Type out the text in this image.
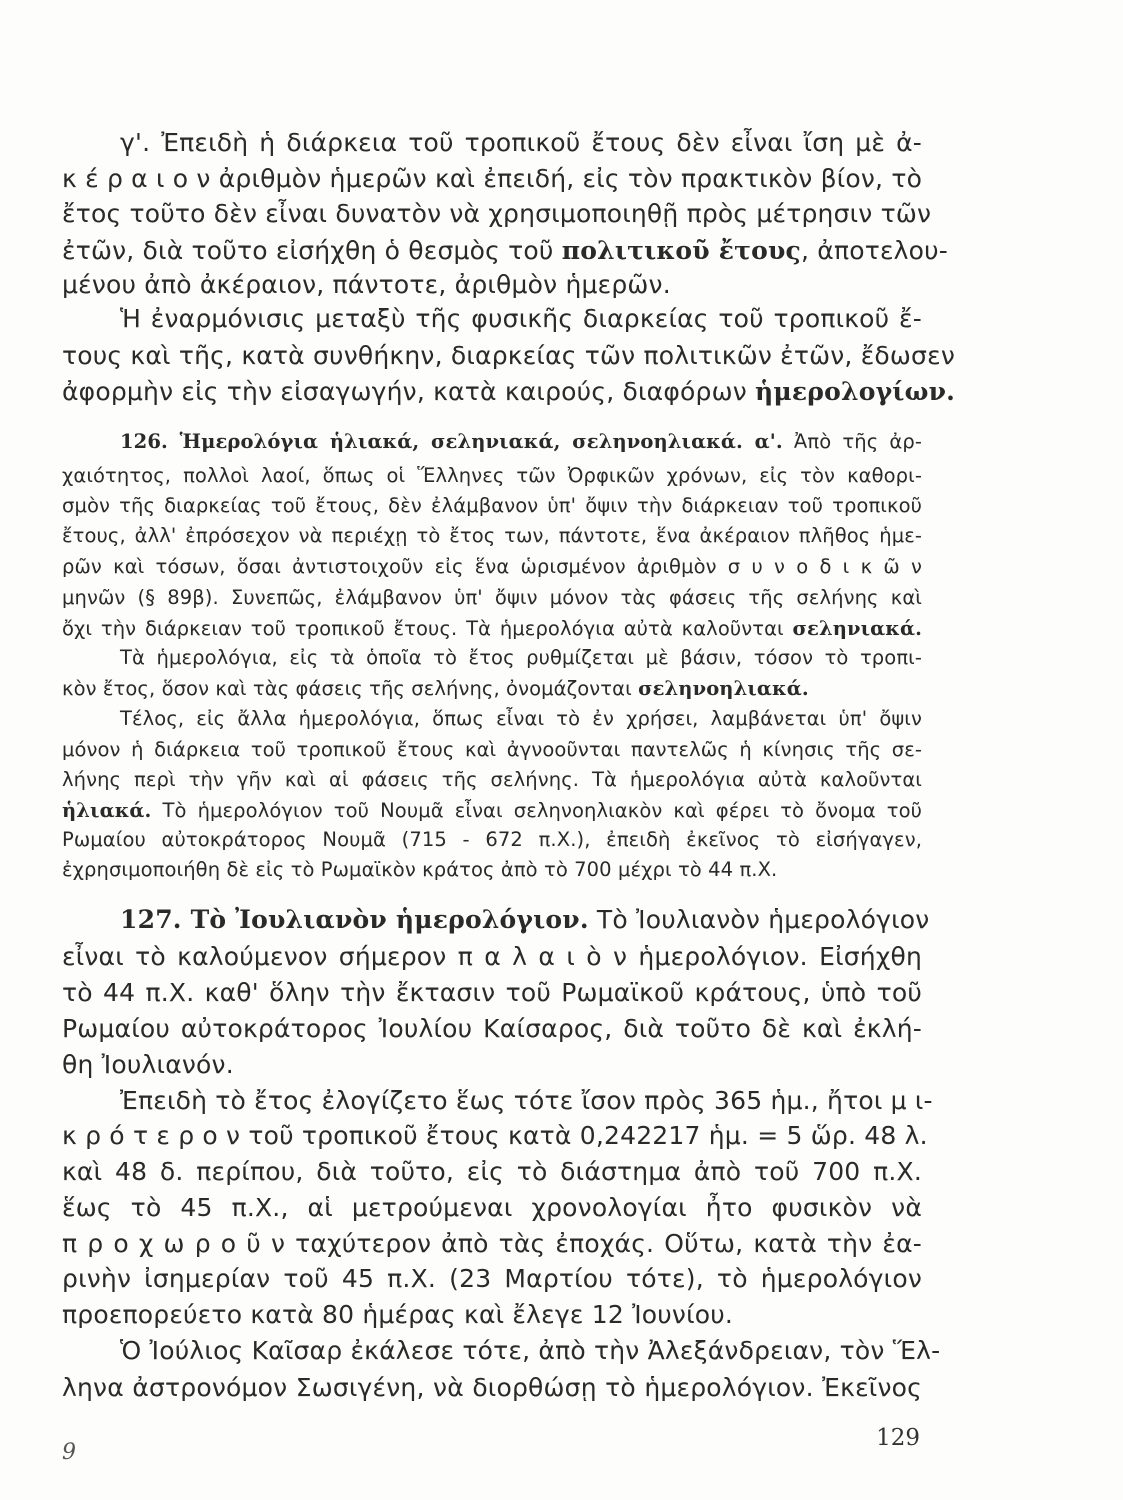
γ'. Ἐπειδὴ ἡ διάρκεια τοῦ τροπικοῦ ἔτους δὲν εἶναι ἴση μὲ ἀ-
κ έ ρ α ι ο ν ἀριθμὸν ἡμερῶν καὶ ἐπειδή, εἰς τὸν πρακτικὸν βίον, τὸ
ἔτος τοῦτο δὲν εἶναι δυνατὸν νὰ χρησιμοποιηθῇ πρὸς μέτρησιν τῶν
ἐτῶν, διὰ τοῦτο εἰσήχθη ὁ θεσμὸς τοῦ πολιτικοῦ ἔτους, ἀποτελου-
μένου ἀπὸ ἀκέραιον, πάντοτε, ἀριθμὸν ἡμερῶν.
Ἡ ἐναρμόνισις μεταξὺ τῆς φυσικῆς διαρκείας τοῦ τροπικοῦ ἔ-
τους καὶ τῆς, κατὰ συνθήκην, διαρκείας τῶν πολιτικῶν ἐτῶν, ἔδωσεν
ἀφορμὴν εἰς τὴν εἰσαγωγήν, κατὰ καιρούς, διαφόρων ἡμερολογίων.
126. Ἡμερολόγια ἡλιακά, σεληνιακά, σεληνοηλιακά. α'. Ἀπὸ τῆς ἀρ-
χαιότητος, πολλοὶ λαοί, ὅπως οἱ Ἕλληνες τῶν Ὀρφικῶν χρόνων, εἰς τὸν καθορι-
σμὸν τῆς διαρκείας τοῦ ἔτους, δὲν ἐλάμβανον ὑπ' ὄψιν τὴν διάρκειαν τοῦ τροπικοῦ
ἔτους, ἀλλ' ἐπρόσεχον νὰ περιέχῃ τὸ ἔτος των, πάντοτε, ἕνα ἀκέραιον πλῆθος ἡμε-
ρῶν καὶ τόσων, ὅσαι ἀντιστοιχοῦν εἰς ἕνα ὡρισμένον ἀριθμὸν σ υ ν ο δ ι κ ῶ ν
μηνῶν (§ 89β). Συνεπῶς, ἐλάμβανον ὑπ' ὄψιν μόνον τὰς φάσεις τῆς σελήνης καὶ
ὄχι τὴν διάρκειαν τοῦ τροπικοῦ ἔτους. Τὰ ἡμερολόγια αὐτὰ καλοῦνται σεληνιακά.
Τὰ ἡμερολόγια, εἰς τὰ ὁποῖα τὸ ἔτος ρυθμίζεται μὲ βάσιν, τόσον τὸ τροπι-
κὸν ἔτος, ὅσον καὶ τὰς φάσεις τῆς σελήνης, ὀνομάζονται σεληνοηλιακά.
Τέλος, εἰς ἄλλα ἡμερολόγια, ὅπως εἶναι τὸ ἐν χρήσει, λαμβάνεται ὑπ' ὄψιν
μόνον ἡ διάρκεια τοῦ τροπικοῦ ἔτους καὶ ἀγνοοῦνται παντελῶς ἡ κίνησις τῆς σε-
λήνης περὶ τὴν γῆν καὶ αἱ φάσεις τῆς σελήνης. Τὰ ἡμερολόγια αὐτὰ καλοῦνται
ἡλιακά. Τὸ ἡμερολόγιον τοῦ Νουμᾶ εἶναι σεληνοηλιακὸν καὶ φέρει τὸ ὄνομα τοῦ
Ρωμαίου αὐτοκράτορος Νουμᾶ (715 - 672 π.Χ.), ἐπειδὴ ἐκεῖνος τὸ εἰσήγαγεν,
ἐχρησιμοποιήθη δὲ εἰς τὸ Ρωμαϊκὸν κράτος ἀπὸ τὸ 700 μέχρι τὸ 44 π.Χ.
127. Τὸ Ἰουλιανὸν ἡμερολόγιον. Τὸ Ἰουλιανὸν ἡμερολόγιον
εἶναι τὸ καλούμενον σήμερον π α λ α ι ὸ ν ἡμερολόγιον. Εἰσήχθη
τὸ 44 π.Χ. καθ' ὅλην τὴν ἔκτασιν τοῦ Ρωμαϊκοῦ κράτους, ὑπὸ τοῦ
Ρωμαίου αὐτοκράτορος Ἰουλίου Καίσαρος, διὰ τοῦτο δὲ καὶ ἐκλή-
θη Ἰουλιανόν.
Ἐπειδὴ τὸ ἔτος ἐλογίζετο ἕως τότε ἴσον πρὸς 365 ἡμ., ἤτοι μ ι-
κ ρ ό τ ε ρ ο ν τοῦ τροπικοῦ ἔτους κατὰ 0,242217 ἡμ. = 5 ὥρ. 48 λ.
καὶ 48 δ. περίπου, διὰ τοῦτο, εἰς τὸ διάστημα ἀπὸ τοῦ 700 π.Χ.
ἕως τὸ 45 π.Χ., αἱ μετρούμεναι χρονολογίαι ἦτο φυσικὸν νὰ
π ρ ο χ ω ρ ο ῦ ν ταχύτερον ἀπὸ τὰς ἐποχάς. Οὕτω, κατὰ τὴν ἐα-
ρινὴν ἰσημερίαν τοῦ 45 π.Χ. (23 Μαρτίου τότε), τὸ ἡμερολόγιον
προεπορεύετο κατὰ 80 ἡμέρας καὶ ἔλεγε 12 Ἰουνίου.
Ὁ Ἰούλιος Καῖσαρ ἐκάλεσε τότε, ἀπὸ τὴν Ἀλεξάνδρειαν, τὸν Ἕλ-
ληνα ἀστρονόμον Σωσιγένη, νὰ διορθώσῃ τὸ ἡμερολόγιον. Ἐκεῖνος
9
129
